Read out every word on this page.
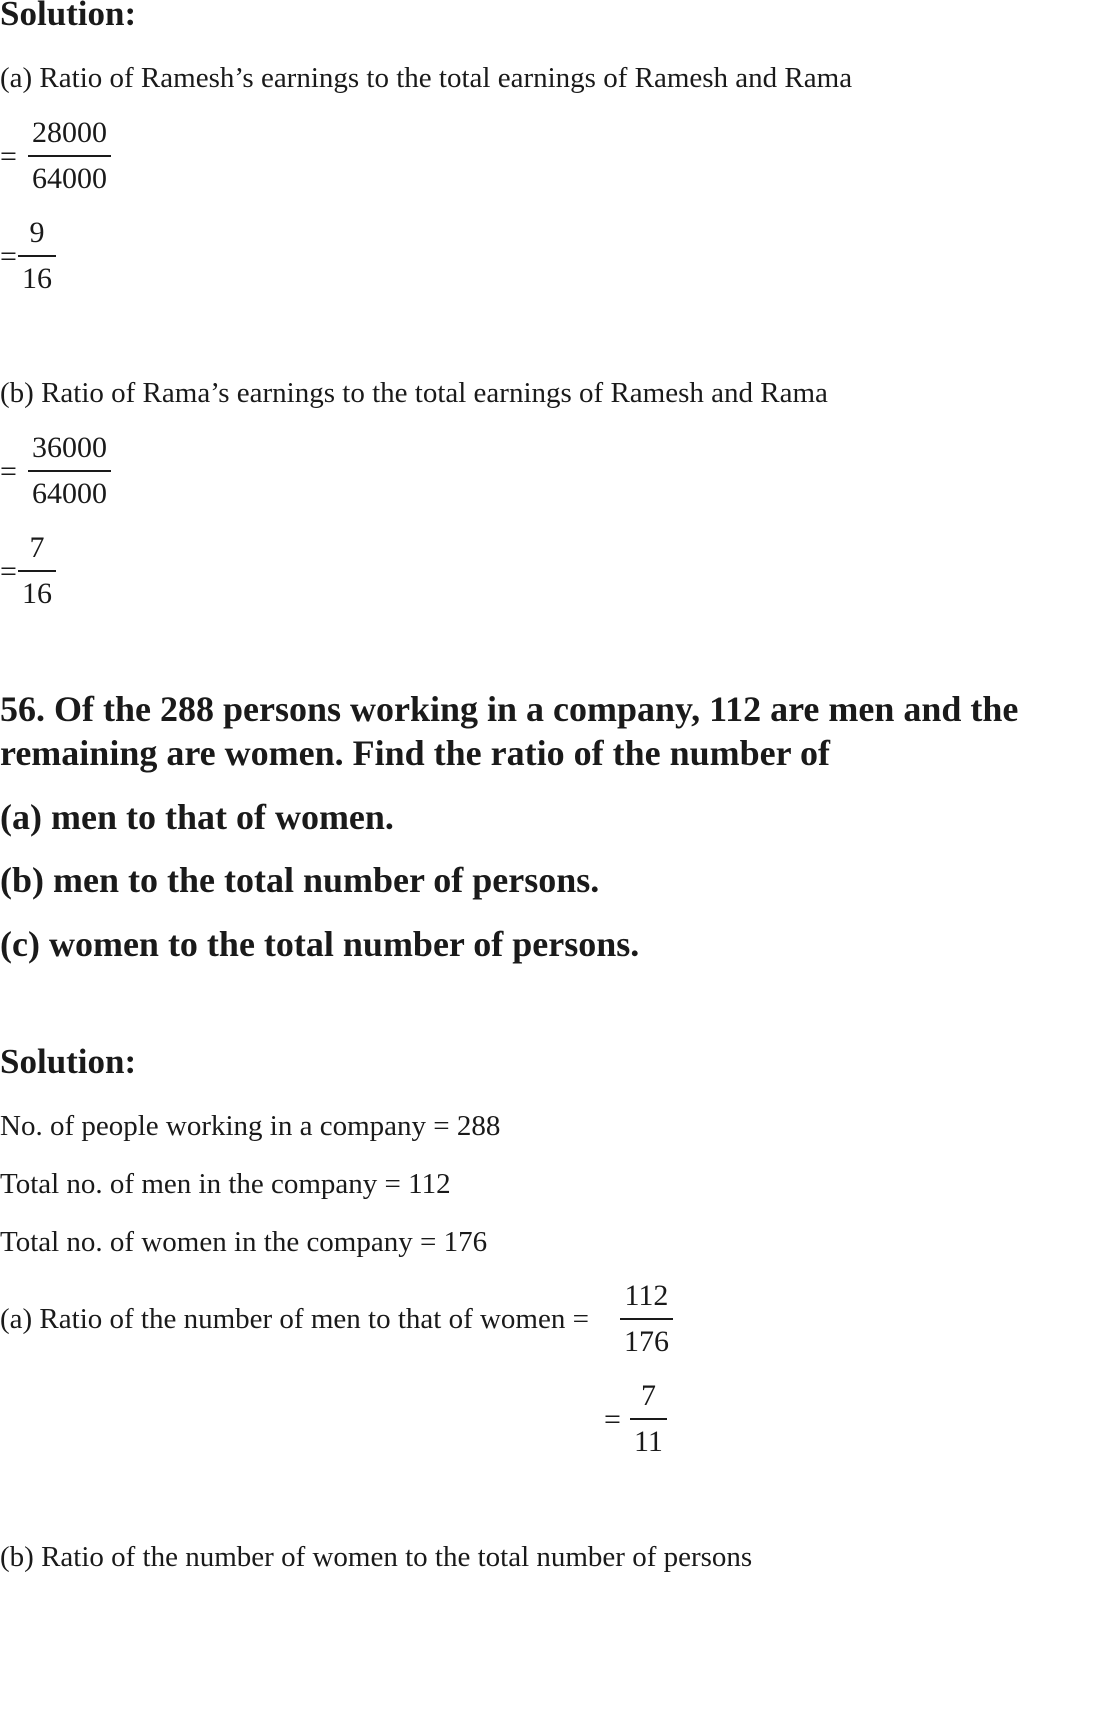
Solution:
(a) Ratio of Ramesh’s earnings to the total earnings of Ramesh and Rama
= $\frac{28000}{64000}$
= $\frac{9}{16}$
(b) Ratio of Rama’s earnings to the total earnings of Ramesh and Rama
= $\frac{36000}{64000}$
= $\frac{7}{16}$
56. Of the 288 persons working in a company, 112 are men and the
remaining are women. Find the ratio of the number of
(a) men to that of women.
(b) men to the total number of persons.
(c) women to the total number of persons.
Solution:
No. of people working in a company = 288
Total no. of men in the company = 112
Total no. of women in the company = 176
(a) Ratio of the number of men to that of women = $\frac{112}{176}$
= $\frac{7}{11}$
(b) Ratio of the number of women to the total number of persons
